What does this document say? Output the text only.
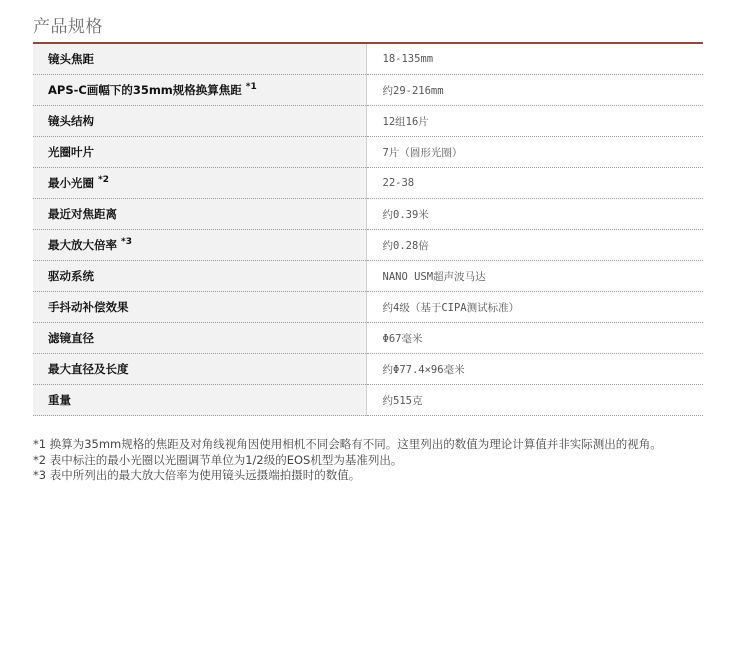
产品规格
镜头焦距	18-135mm
APS-C画幅下的35mm规格换算焦距 $^{*1}$	约29-216mm
镜头结构	12组16片
光圈叶片	7片（圆形光圈）
最小光圈 $^{*2}$	22-38
最近对焦距离	约0.39米
最大放大倍率 $^{*3}$	约0.28倍
驱动系统	NANO USM超声波马达
手抖动补偿效果	约4级（基于CIPA测试标准）
滤镜直径	Φ67毫米
最大直径及长度	约Φ77.4×96毫米
重量	约515克

*1 换算为35mm规格的焦距及对角线视角因使用相机不同会略有不同。这里列出的数值为理论计算值并非实际测出的视角。

*2 表中标注的最小光圈以光圈调节单位为1/2级的EOS机型为基准列出。

*3 表中所列出的最大放大倍率为使用镜头远摄端拍摄时的数值。
